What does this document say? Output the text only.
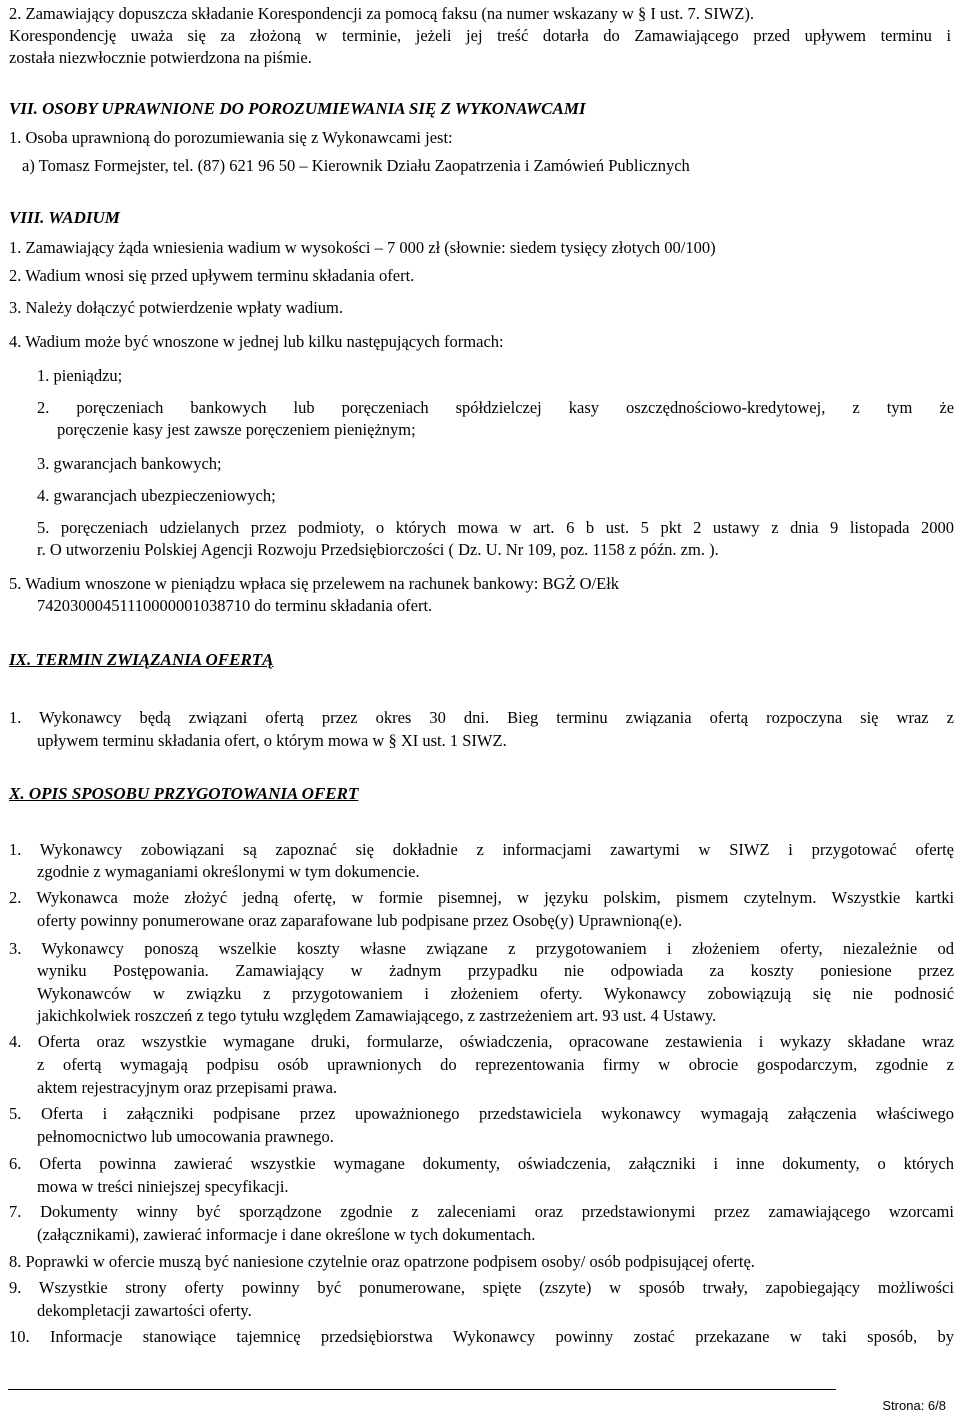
2. Zamawiający dopuszcza składanie Korespondencji za pomocą faksu (na numer wskazany w § I ust. 7. SIWZ).
Korespondencję uważa się za złożoną w terminie, jeżeli jej treść dotarła do Zamawiającego przed upływem terminu i
została niezwłocznie potwierdzona na piśmie.
VII. OSOBY UPRAWNIONE DO POROZUMIEWANIA SIĘ Z WYKONAWCAMI
1. Osoba uprawnioną do porozumiewania się z Wykonawcami jest:
a) Tomasz Formejster, tel. (87) 621 96 50 – Kierownik Działu Zaopatrzenia i Zamówień Publicznych
VIII. WADIUM
1. Zamawiający żąda wniesienia wadium w wysokości – 7 000 zł (słownie: siedem tysięcy złotych 00/100)
2. Wadium wnosi się przed upływem terminu składania ofert.
3. Należy dołączyć potwierdzenie wpłaty wadium.
4. Wadium może być wnoszone w jednej lub kilku następujących formach:
1. pieniądzu;
2. poręczeniach bankowych lub poręczeniach spółdzielczej kasy oszczędnościowo-kredytowej, z tym że
poręczenie kasy jest zawsze poręczeniem pieniężnym;
3. gwarancjach bankowych;
4. gwarancjach ubezpieczeniowych;
5. poręczeniach udzielanych przez podmioty, o których mowa w art. 6 b ust. 5 pkt 2 ustawy z dnia 9 listopada 2000
r. O utworzeniu Polskiej Agencji Rozwoju Przedsiębiorczości ( Dz. U. Nr 109, poz. 1158 z późn. zm. ).
5. Wadium wnoszone w pieniądzu wpłaca się przelewem na rachunek bankowy: BGŻ O/Ełk
74203000451110000001038710 do terminu składania ofert.
IX. TERMIN ZWIĄZANIA OFERTĄ
1. Wykonawcy będą związani ofertą przez okres 30 dni. Bieg terminu związania ofertą rozpoczyna się wraz z
upływem terminu składania ofert, o którym mowa w § XI ust. 1 SIWZ.
X. OPIS SPOSOBU PRZYGOTOWANIA OFERT
1. Wykonawcy zobowiązani są zapoznać się dokładnie z informacjami zawartymi w SIWZ i przygotować ofertę
zgodnie z wymaganiami określonymi w tym dokumencie.
2. Wykonawca może złożyć jedną ofertę, w formie pisemnej, w języku polskim, pismem czytelnym. Wszystkie kartki
oferty powinny ponumerowane oraz zaparafowane lub podpisane przez Osobę(y) Uprawnioną(e).
3. Wykonawcy ponoszą wszelkie koszty własne związane z przygotowaniem i złożeniem oferty, niezależnie od
wyniku Postępowania. Zamawiający w żadnym przypadku nie odpowiada za koszty poniesione przez
Wykonawców w związku z przygotowaniem i złożeniem oferty. Wykonawcy zobowiązują się nie podnosić
jakichkolwiek roszczeń z tego tytułu względem Zamawiającego, z zastrzeżeniem art. 93 ust. 4 Ustawy.
4. Oferta oraz wszystkie wymagane druki, formularze, oświadczenia, opracowane zestawienia i wykazy składane wraz
z ofertą wymagają podpisu osób uprawnionych do reprezentowania firmy w obrocie gospodarczym, zgodnie z
aktem rejestracyjnym oraz przepisami prawa.
5. Oferta i załączniki podpisane przez upoważnionego przedstawiciela wykonawcy wymagają załączenia właściwego
pełnomocnictwo lub umocowania prawnego.
6. Oferta powinna zawierać wszystkie wymagane dokumenty, oświadczenia, załączniki i inne dokumenty, o których
mowa w treści niniejszej specyfikacji.
7. Dokumenty winny być sporządzone zgodnie z zaleceniami oraz przedstawionymi przez zamawiającego wzorcami
(załącznikami), zawierać informacje i dane określone w tych dokumentach.
8. Poprawki w ofercie muszą być naniesione czytelnie oraz opatrzone podpisem osoby/ osób podpisującej ofertę.
9. Wszystkie strony oferty powinny być ponumerowane, spięte (zszyte) w sposób trwały, zapobiegający możliwości
dekompletacji zawartości oferty.
10. Informacje stanowiące tajemnicę przedsiębiorstwa Wykonawcy powinny zostać przekazane w taki sposób, by
Strona: 6/8
